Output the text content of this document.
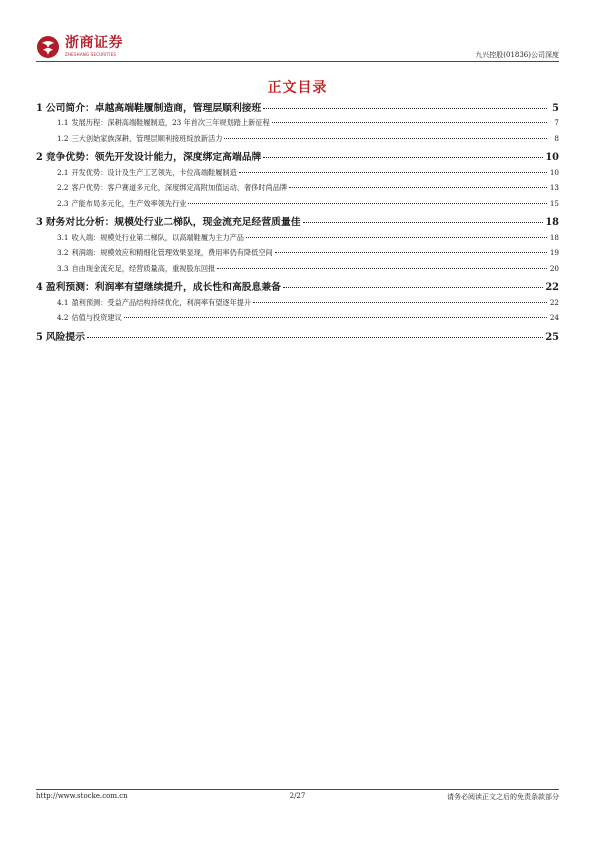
浙商证券
ZHESHANG SECURITIES	九兴控股(01836)公司深度
正文目录
1 公司简介：卓越高端鞋履制造商，管理层顺利接班	5
1.1 发展历程：深耕高端鞋履制造，23 年首次三年规划踏上新征程	7
1.2 三大创始家族深耕，管理层顺利接班绽放新活力	8
2 竞争优势：领先开发设计能力，深度绑定高端品牌	10
2.1 开发优势：设计及生产工艺领先，卡位高端鞋履制造	10
2.2 客户优势：客户赛道多元化，深度绑定高附加值运动、奢侈时尚品牌	13
2.3 产能布局多元化，生产效率领先行业	15
3 财务对比分析：规模处行业二梯队，现金流充足经营质量佳	18
3.1 收入端：规模处行业第二梯队，以高端鞋履为主力产品	18
3.2 利润端：规模效应和精细化管理效果显现，费用率仍有降低空间	19
3.3 自由现金流充足，经营质量高，重视股东回报	20
4 盈利预测：利润率有望继续提升，成长性和高股息兼备	22
4.1 盈利预测：受益产品结构持续优化，利润率有望逐年提升	22
4.2 估值与投资建议	24
5 风险提示	25
http://www.stocke.com.cn	2/27	请务必阅读正文之后的免责条款部分
